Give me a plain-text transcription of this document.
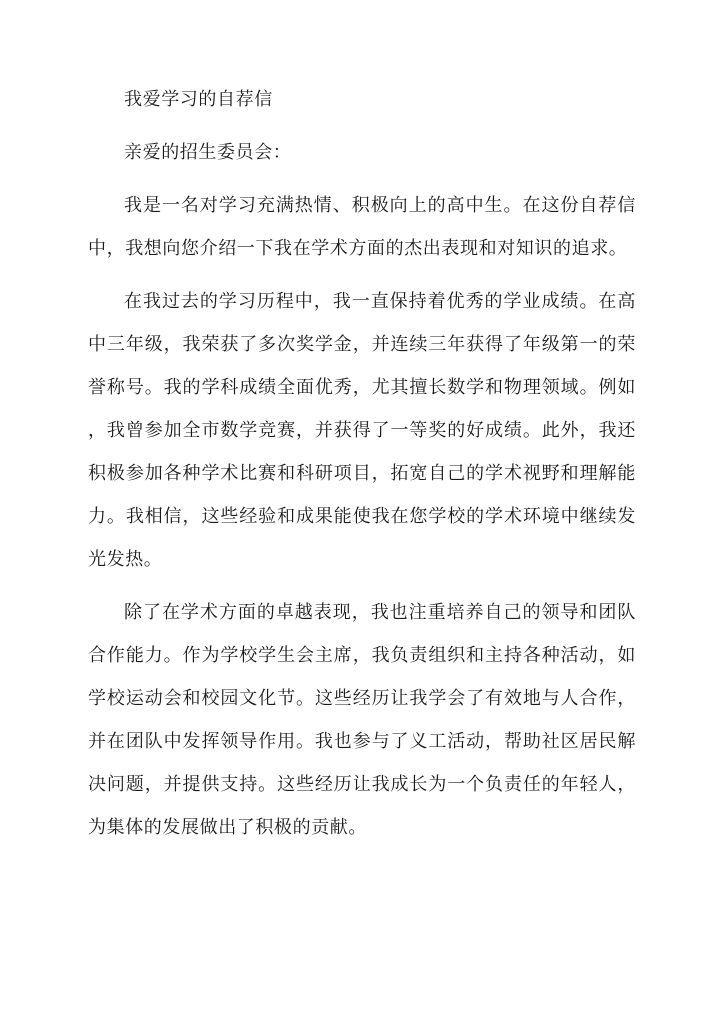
我爱学习的自荐信
亲爱的招生委员会：
我是一名对学习充满热情、积极向上的高中生。在这份自荐信
中，我想向您介绍一下我在学术方面的杰出表现和对知识的追求。
在我过去的学习历程中，我一直保持着优秀的学业成绩。在高
中三年级，我荣获了多次奖学金，并连续三年获得了年级第一的荣
誉称号。我的学科成绩全面优秀，尤其擅长数学和物理领域。例如
，我曾参加全市数学竞赛，并获得了一等奖的好成绩。此外，我还
积极参加各种学术比赛和科研项目，拓宽自己的学术视野和理解能
力。我相信，这些经验和成果能使我在您学校的学术环境中继续发
光发热。
除了在学术方面的卓越表现，我也注重培养自己的领导和团队
合作能力。作为学校学生会主席，我负责组织和主持各种活动，如
学校运动会和校园文化节。这些经历让我学会了有效地与人合作，
并在团队中发挥领导作用。我也参与了义工活动，帮助社区居民解
决问题，并提供支持。这些经历让我成长为一个负责任的年轻人，
为集体的发展做出了积极的贡献。
